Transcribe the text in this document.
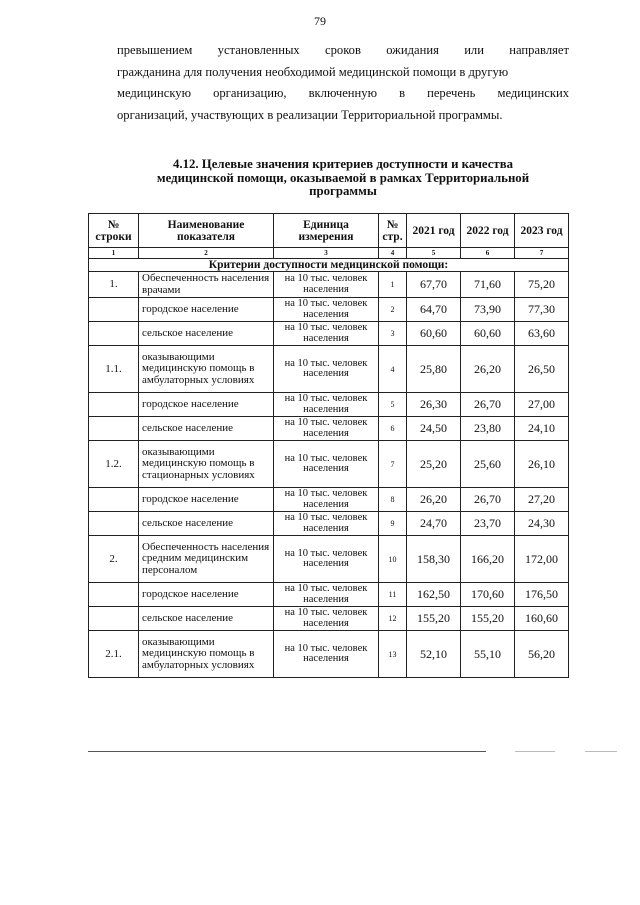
79
превышением установленных сроков ожидания или направляет
гражданина для получения необходимой медицинской помощи в другую
медицинскую организацию, включенную в перечень медицинских
организаций, участвующих в реализации Территориальной программы.
4.12. Целевые значения критериев доступности и качества
медицинской помощи, оказываемой в рамках Территориальной
программы
№ строки	Наименование показателя	Единица измерения	№ стр.	2021 год	2022 год	2023 год
1	2	3	4	5	6	7
Критерии доступности медицинской помощи:						
1.	Обеспеченность населения врачами	на 10 тыс. человек населения	1	67,70	71,60	75,20
	городское население	на 10 тыс. человек населения	2	64,70	73,90	77,30
	сельское население	на 10 тыс. человек населения	3	60,60	60,60	63,60
1.1.	оказывающими медицинскую помощь в амбулаторных условиях	на 10 тыс. человек населения	4	25,80	26,20	26,50
	городское население	на 10 тыс. человек населения	5	26,30	26,70	27,00
	сельское население	на 10 тыс. человек населения	6	24,50	23,80	24,10
1.2.	оказывающими медицинскую помощь в стационарных условиях	на 10 тыс. человек населения	7	25,20	25,60	26,10
	городское население	на 10 тыс. человек населения	8	26,20	26,70	27,20
	сельское население	на 10 тыс. человек населения	9	24,70	23,70	24,30
2.	Обеспеченность населения средним медицинским персоналом	на 10 тыс. человек населения	10	158,30	166,20	172,00
	городское население	на 10 тыс. человек населения	11	162,50	170,60	176,50
	сельское население	на 10 тыс. человек населения	12	155,20	155,20	160,60
2.1.	оказывающими медицинскую помощь в амбулаторных условиях	на 10 тыс. человек населения	13	52,10	55,10	56,20
